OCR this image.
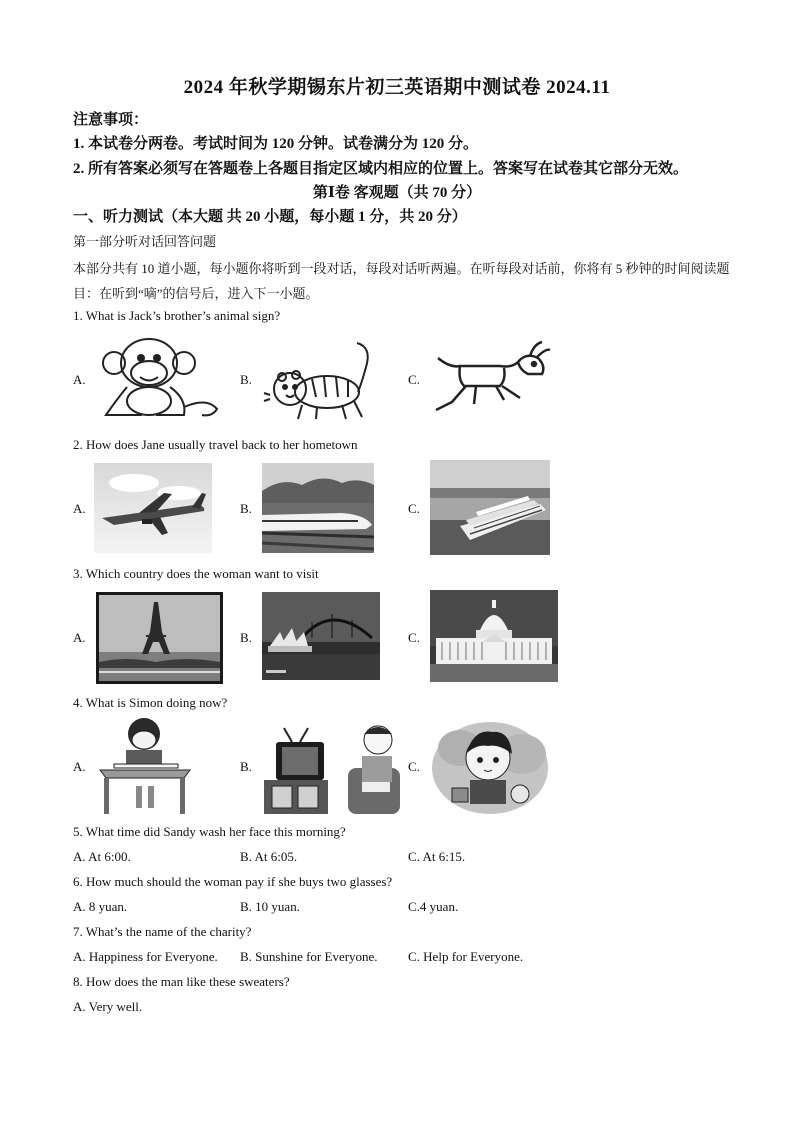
2024 年秋学期锡东片初三英语期中测试卷 2024.11
注意事项：
1. 本试卷分两卷。考试时间为 120 分钟。试卷满分为 120 分。
2. 所有答案必须写在答题卷上各题目指定区域内相应的位置上。答案写在试卷其它部分无效。
第Ⅰ卷 客观题（共 70 分）
一、听力测试（本大题 共 20 小题，每小题 1 分，共 20 分）
第一部分听对话回答问题
本部分共有 10 道小题，每小题你将听到一段对话，每段对话听两遍。在听每段对话前，你将有 5 秒钟的时间阅读题目：在听到“嘀”的信号后，进入下一小题。
1. What is Jack’s brother’s animal sign?
A.	B.	C.
2. How does Jane usually travel back to her hometown
A.	B.	C.
3. Which country does the woman want to visit
A.	B.	C.
4. What is Simon doing now?
A.	B.	C.
5. What time did Sandy wash her face this morning?
A. At 6:00.	B. At 6:05.	C. At 6:15.
6. How much should the woman pay if she buys two glasses?
A. 8 yuan.	B. 10 yuan.	C.4 yuan.
7. What’s the name of the charity?
A. Happiness for Everyone. B. Sunshine for Everyone. C. Help for Everyone.
8. How does the man like these sweaters?
A. Very well.
